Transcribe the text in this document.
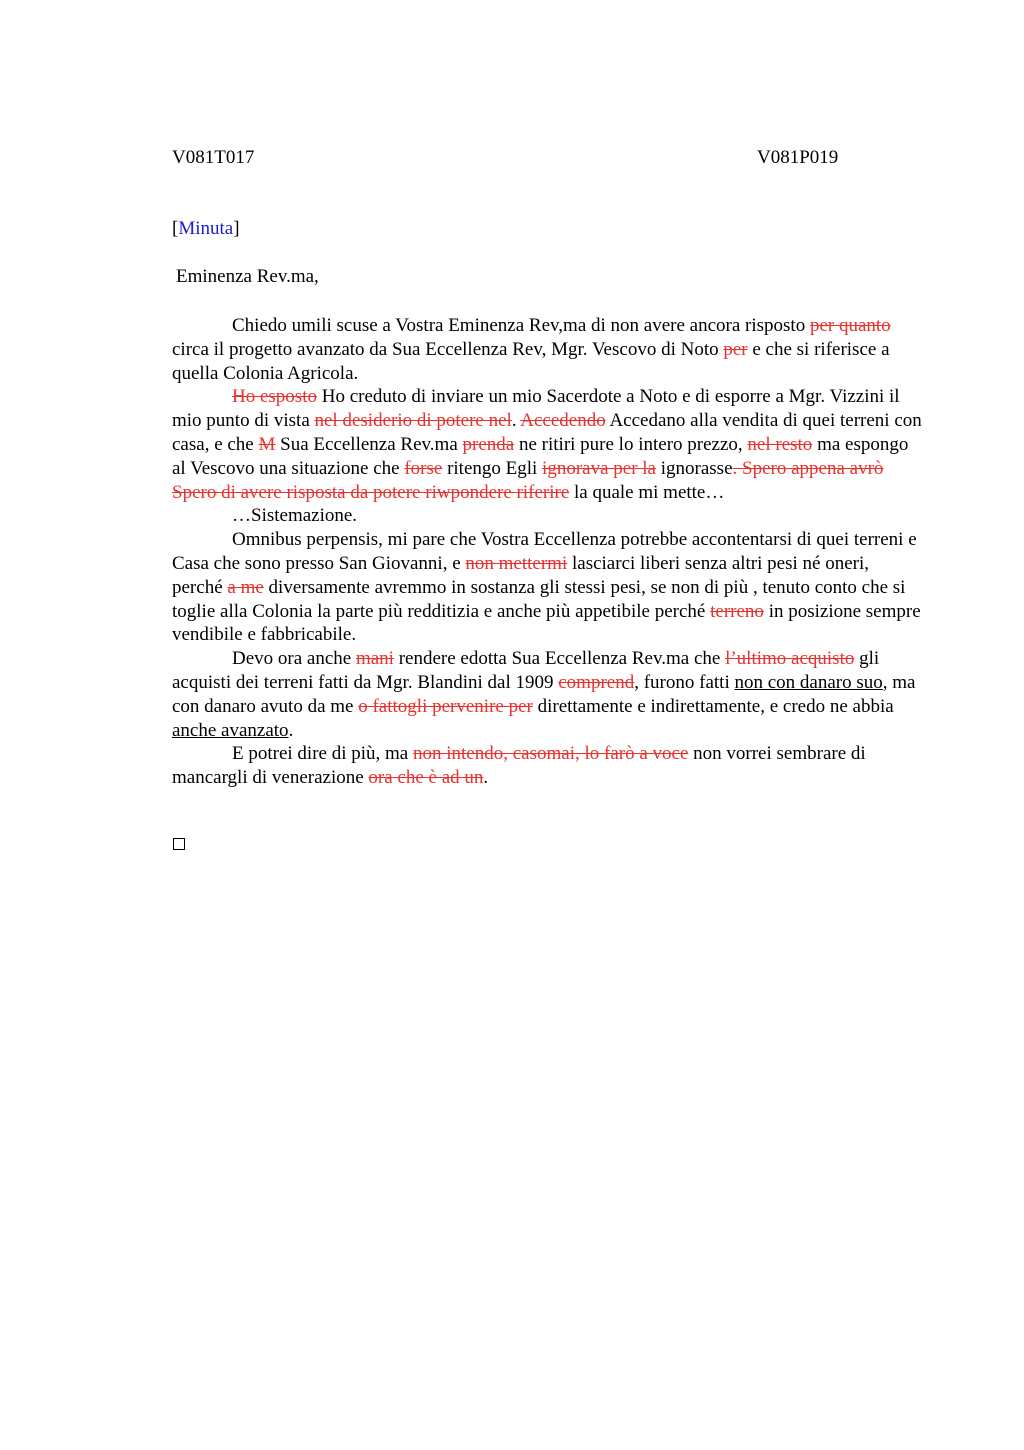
V081T017	V081P019
[Minuta]
Eminenza Rev.ma,

Chiedo umili scuse a Vostra Eminenza Rev,ma di non avere ancora risposto per quanto circa il progetto avanzato da Sua Eccellenza Rev, Mgr. Vescovo di Noto per e che si riferisce a quella Colonia Agricola.

Ho esposto Ho creduto di inviare un mio Sacerdote a Noto e di esporre a Mgr. Vizzini il mio punto di vista nel desiderio di potere nel. Accedendo Accedano alla vendita di quei terreni con casa, e che M Sua Eccellenza Rev.ma prenda ne ritiri pure lo intero prezzo, nel resto ma espongo al Vescovo una situazione che forse ritengo Egli ignorava per la ignorasse. Spero appena avrò Spero di avere risposta da potere riwpondere riferire la quale mi mette…

…Sistemazione.

Omnibus perpensis, mi pare che Vostra Eccellenza potrebbe accontentarsi di quei terreni e Casa che sono presso San Giovanni, e non mettermi lasciarci liberi senza altri pesi né oneri, perché a me diversamente avremmo in sostanza gli stessi pesi, se non di più , tenuto conto che si toglie alla Colonia la parte più redditizia e anche più appetibile perché terreno in posizione sempre vendibile e fabbricabile.

Devo ora anche mani rendere edotta Sua Eccellenza Rev.ma che l’ultimo acquisto gli acquisti dei terreni fatti da Mgr. Blandini dal 1909 comprend, furono fatti non con danaro suo, ma con danaro avuto da me o fattogli pervenire per direttamente e indirettamente, e credo ne abbia anche avanzato.

E potrei dire di più, ma non intendo, casomai, lo farò a voce non vorrei sembrare di mancargli di venerazione ora che è ad un.
